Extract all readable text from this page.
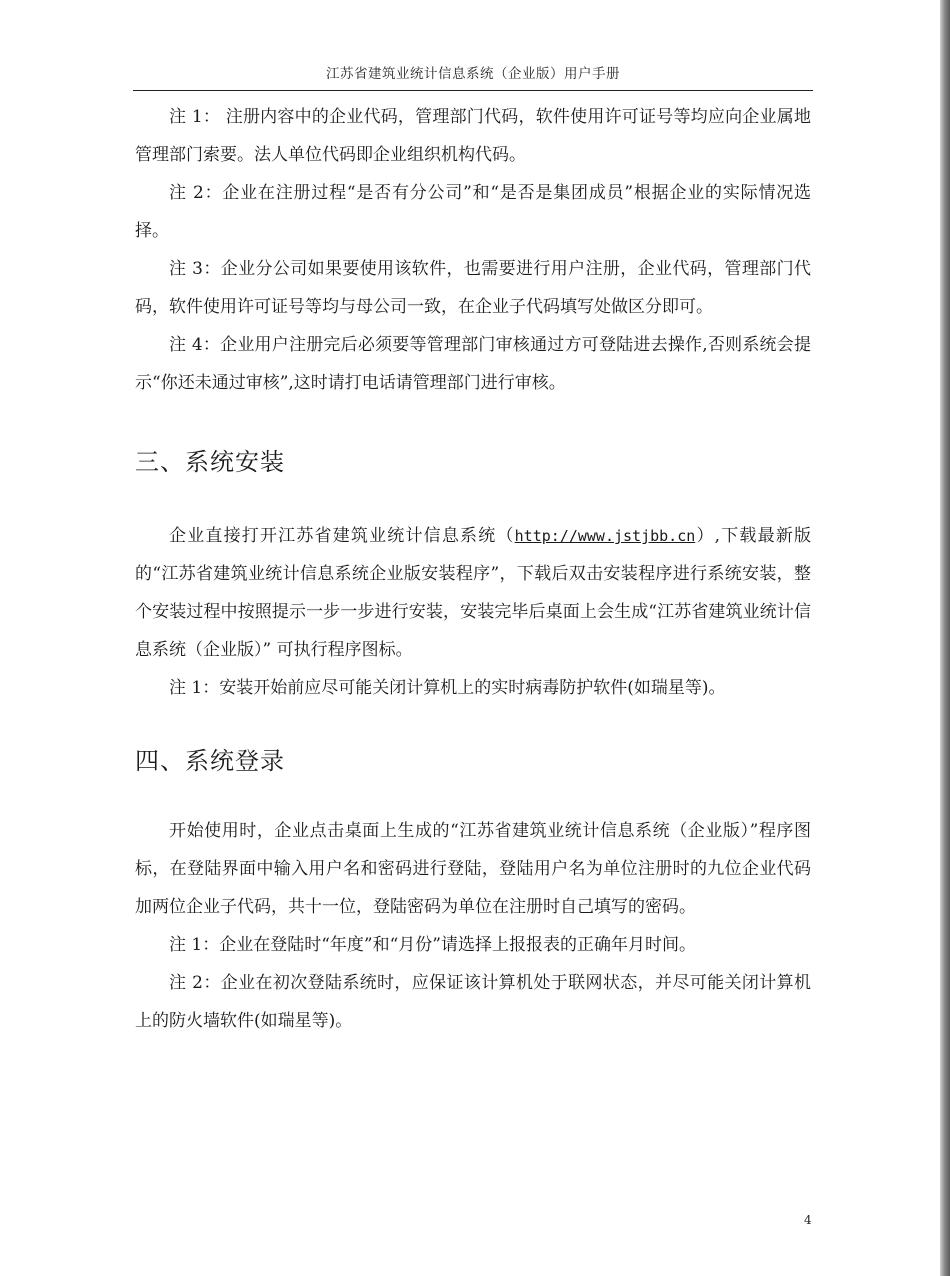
江苏省建筑业统计信息系统（企业版）用户手册

注 1： 注册内容中的企业代码，管理部门代码，软件使用许可证号等均应向企业属地管理部门索要。法人单位代码即企业组织机构代码。

注 2：企业在注册过程“是否有分公司”和“是否是集团成员”根据企业的实际情况选择。

注 3：企业分公司如果要使用该软件，也需要进行用户注册，企业代码，管理部门代码，软件使用许可证号等均与母公司一致，在企业子代码填写处做区分即可。

注 4：企业用户注册完后必须要等管理部门审核通过方可登陆进去操作,否则系统会提示“你还未通过审核”,这时请打电话请管理部门进行审核。

三、系统安装

企业直接打开江苏省建筑业统计信息系统（http://www.jstjbb.cn）,下载最新版的“江苏省建筑业统计信息系统企业版安装程序”，下载后双击安装程序进行系统安装，整个安装过程中按照提示一步一步进行安装，安装完毕后桌面上会生成“江苏省建筑业统计信息系统（企业版）” 可执行程序图标。

注 1：安装开始前应尽可能关闭计算机上的实时病毒防护软件(如瑞星等)。

四、系统登录

开始使用时，企业点击桌面上生成的“江苏省建筑业统计信息系统（企业版）”程序图标，在登陆界面中输入用户名和密码进行登陆，登陆用户名为单位注册时的九位企业代码加两位企业子代码，共十一位，登陆密码为单位在注册时自己填写的密码。

注 1：企业在登陆时“年度”和“月份”请选择上报报表的正确年月时间。

注 2：企业在初次登陆系统时，应保证该计算机处于联网状态，并尽可能关闭计算机上的防火墙软件(如瑞星等)。

4
